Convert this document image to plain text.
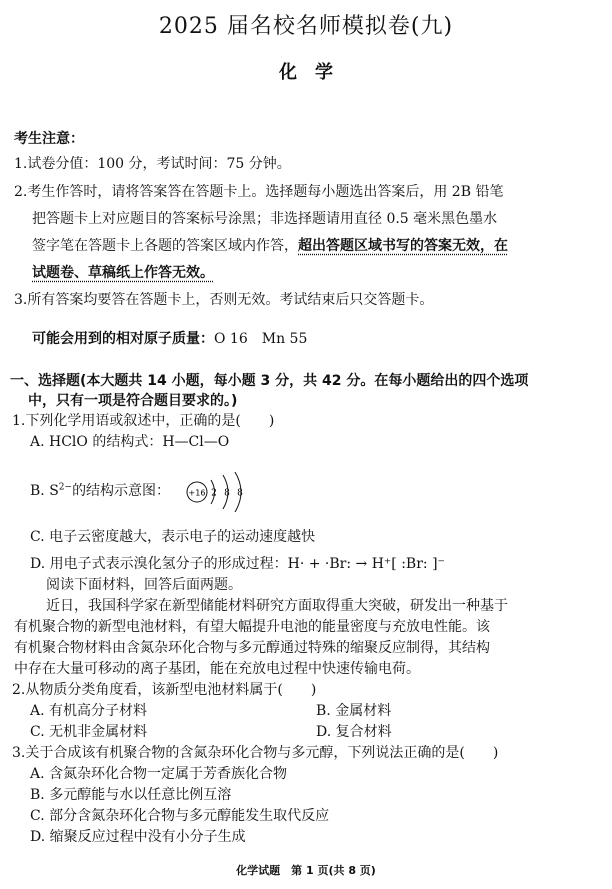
2025 届名校名师模拟卷(九)
化　学
考生注意：
1.试卷分值：100 分，考试时间：75 分钟。
2.考生作答时，请将答案答在答题卡上。选择题每小题选出答案后，用 2B 铅笔
把答题卡上对应题目的答案标号涂黑；非选择题请用直径 0.5 毫米黑色墨水
签字笔在答题卡上各题的答案区域内作答，超出答题区域书写的答案无效，在
试题卷、草稿纸上作答无效。
3.所有答案均要答在答题卡上，否则无效。考试结束后只交答题卡。
可能会用到的相对原子质量：O 16　Mn 55
一、选择题(本大题共 14 小题，每小题 3 分，共 42 分。在每小题给出的四个选项
中，只有一项是符合题目要求的。)
1.下列化学用语或叙述中，正确的是(　　)
A. HClO 的结构式：H—Cl—O
B. $S^{2-}$的结构示意图： +16 2 8 8
C. 电子云密度越大，表示电子的运动速度越快
D. 用电子式表示溴化氢分子的形成过程：H· + ·Br: → H⁺[ :Br: ]⁻
阅读下面材料，回答后面两题。
近日，我国科学家在新型储能材料研究方面取得重大突破，研发出一种基于
有机聚合物的新型电池材料，有望大幅提升电池的能量密度与充放电性能。该
有机聚合物材料由含氮杂环化合物与多元醇通过特殊的缩聚反应制得，其结构
中存在大量可移动的离子基团，能在充放电过程中快速传输电荷。
2.从物质分类角度看，该新型电池材料属于(　　)
A. 有机高分子材料	B. 金属材料
C. 无机非金属材料	D. 复合材料
3.关于合成该有机聚合物的含氮杂环化合物与多元醇，下列说法正确的是(　　)
A. 含氮杂环化合物一定属于芳香族化合物
B. 多元醇能与水以任意比例互溶
C. 部分含氮杂环化合物与多元醇能发生取代反应
D. 缩聚反应过程中没有小分子生成
化学试题　第 1 页(共 8 页)
